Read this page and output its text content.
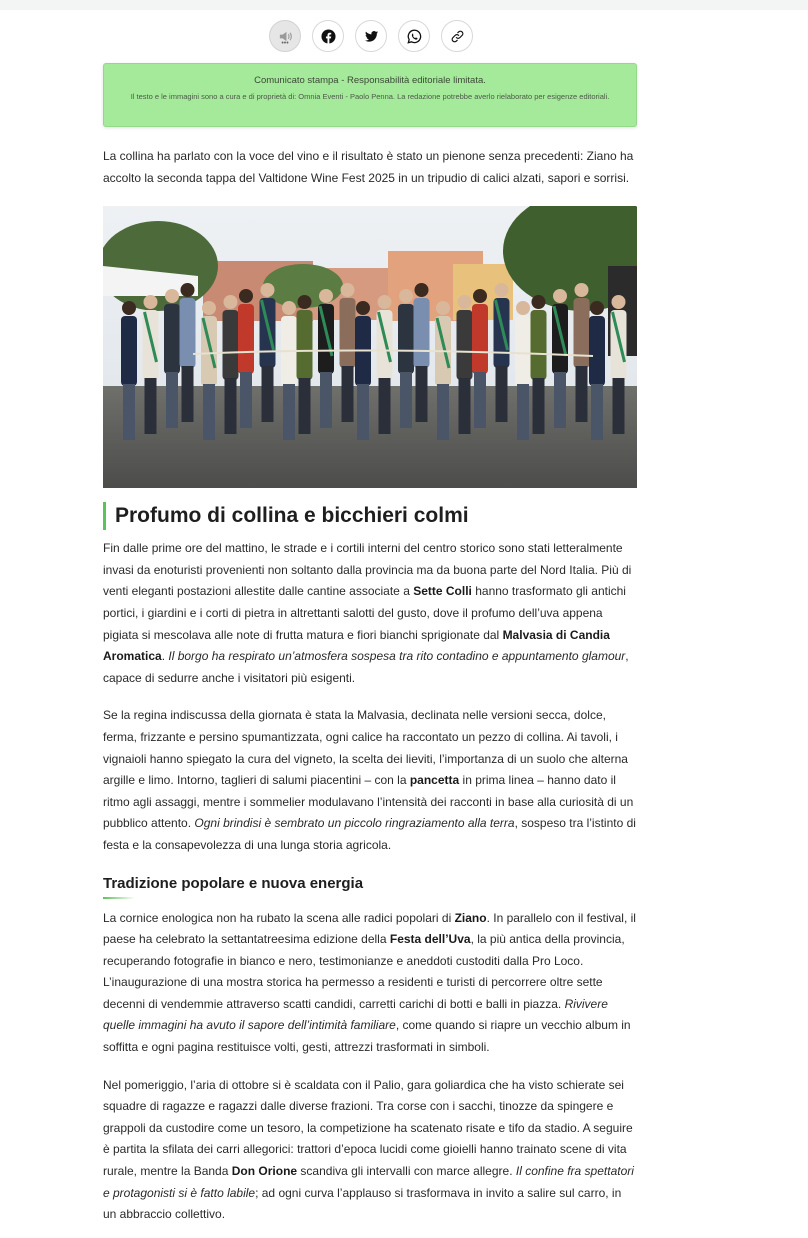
•••
Comunicato stampa - Responsabilità editoriale limitata.
Il testo e le immagini sono a cura e di proprietà di: Omnia Eventi - Paolo Penna. La redazione potrebbe averlo rielaborato per esigenze editoriali.

La collina ha parlato con la voce del vino e il risultato è stato un pienone senza precedenti: Ziano ha accolto la seconda tappa del Valtidone Wine Fest 2025 in un tripudio di calici alzati, sapori e sorrisi.

Profumo di collina e bicchieri colmi

Fin dalle prime ore del mattino, le strade e i cortili interni del centro storico sono stati letteralmente invasi da enoturisti provenienti non soltanto dalla provincia ma da buona parte del Nord Italia. Più di venti eleganti postazioni allestite dalle cantine associate a Sette Colli hanno trasformato gli antichi portici, i giardini e i corti di pietra in altrettanti salotti del gusto, dove il profumo dell’uva appena pigiata si mescolava alle note di frutta matura e fiori bianchi sprigionate dal Malvasia di Candia Aromatica. Il borgo ha respirato un’atmosfera sospesa tra rito contadino e appuntamento glamour, capace di sedurre anche i visitatori più esigenti.

Se la regina indiscussa della giornata è stata la Malvasia, declinata nelle versioni secca, dolce, ferma, frizzante e persino spumantizzata, ogni calice ha raccontato un pezzo di collina. Ai tavoli, i vignaioli hanno spiegato la cura del vigneto, la scelta dei lieviti, l’importanza di un suolo che alterna argille e limo. Intorno, taglieri di salumi piacentini – con la pancetta in prima linea – hanno dato il ritmo agli assaggi, mentre i sommelier modulavano l’intensità dei racconti in base alla curiosità di un pubblico attento. Ogni brindisi è sembrato un piccolo ringraziamento alla terra, sospeso tra l’istinto di festa e la consapevolezza di una lunga storia agricola.

Tradizione popolare e nuova energia

La cornice enologica non ha rubato la scena alle radici popolari di Ziano. In parallelo con il festival, il paese ha celebrato la settantatreesima edizione della Festa dell’Uva, la più antica della provincia, recuperando fotografie in bianco e nero, testimonianze e aneddoti custoditi dalla Pro Loco. L’inaugurazione di una mostra storica ha permesso a residenti e turisti di percorrere oltre sette decenni di vendemmie attraverso scatti candidi, carretti carichi di botti e balli in piazza. Rivivere quelle immagini ha avuto il sapore dell’intimità familiare, come quando si riapre un vecchio album in soffitta e ogni pagina restituisce volti, gesti, attrezzi trasformati in simboli.

Nel pomeriggio, l’aria di ottobre si è scaldata con il Palio, gara goliardica che ha visto schierate sei squadre di ragazze e ragazzi dalle diverse frazioni. Tra corse con i sacchi, tinozze da spingere e grappoli da custodire come un tesoro, la competizione ha scatenato risate e tifo da stadio. A seguire è partita la sfilata dei carri allegorici: trattori d’epoca lucidi come gioielli hanno trainato scene di vita rurale, mentre la Banda Don Orione scandiva gli intervalli con marce allegre. Il confine fra spettatori e protagonisti si è fatto labile; ad ogni curva l’applauso si trasformava in invito a salire sul carro, in un abbraccio collettivo.
